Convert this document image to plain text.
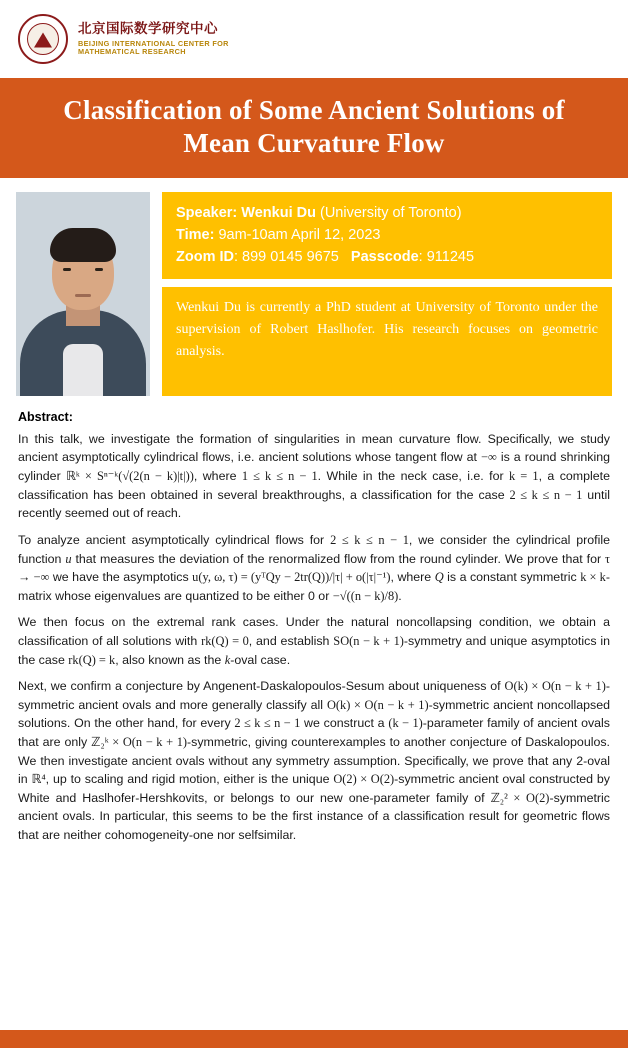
北京国际数学研究中心
BEIJING INTERNATIONAL CENTER FOR
MATHEMATICAL RESEARCH
Classification of Some Ancient Solutions of
Mean Curvature Flow
Speaker: Wenkui Du (University of Toronto)
Time: 9am-10am April 12, 2023
Zoom ID: 899 0145 9675 Passcode: 911245
Wenkui Du is currently a PhD student at University of Toronto under the supervision of Robert Haslhofer. His research focuses on geometric analysis.
Abstract:

In this talk, we investigate the formation of singularities in mean curvature flow. Specifically, we study ancient asymptotically cylindrical flows, i.e. ancient solutions whose tangent flow at −∞ is a round shrinking cylinder ℝᵏ × Sⁿ⁻ᵏ(√(2(n − k)|t|)), where 1 ≤ k ≤ n − 1. While in the neck case, i.e. for k = 1, a complete classification has been obtained in several breakthroughs, a classification for the case 2 ≤ k ≤ n − 1 until recently seemed out of reach.

To analyze ancient asymptotically cylindrical flows for 2 ≤ k ≤ n − 1, we consider the cylindrical profile function u that measures the deviation of the renormalized flow from the round cylinder. We prove that for τ → −∞ we have the asymptotics u(y, ω, τ) = (yᵀQy − 2tr(Q))/|τ| + o(|τ|⁻¹), where Q is a constant symmetric k × k-matrix whose eigenvalues are quantized to be either 0 or −√((n − k)/8).

We then focus on the extremal rank cases. Under the natural noncollapsing condition, we obtain a classification of all solutions with rk(Q) = 0, and establish SO(n − k + 1)-symmetry and unique asymptotics in the case rk(Q) = k, also known as the k-oval case.

Next, we confirm a conjecture by Angenent-Daskalopoulos-Sesum about uniqueness of O(k) × O(n − k + 1)-symmetric ancient ovals and more generally classify all O(k) × O(n − k + 1)-symmetric ancient noncollapsed solutions. On the other hand, for every 2 ≤ k ≤ n − 1 we construct a (k − 1)-parameter family of ancient ovals that are only ℤ₂ᵏ × O(n − k + 1)-symmetric, giving counterexamples to another conjecture of Daskalopoulos. We then investigate ancient ovals without any symmetry assumption. Specifically, we prove that any 2-oval in ℝ⁴, up to scaling and rigid motion, either is the unique O(2) × O(2)-symmetric ancient oval constructed by White and Haslhofer-Hershkovits, or belongs to our new one-parameter family of ℤ₂² × O(2)-symmetric ancient ovals. In particular, this seems to be the first instance of a classification result for geometric flows that are neither cohomogeneity-one nor selfsimilar.
